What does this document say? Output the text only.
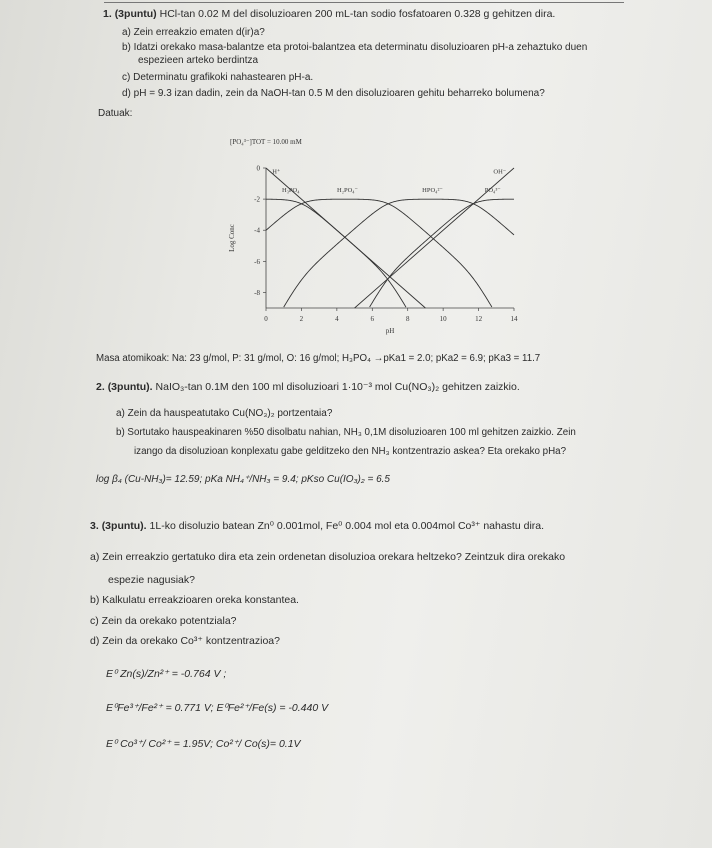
1. (3puntu) HCl-tan 0.02 M del disoluzioaren 200 mL-tan sodio fosfatoaren 0.328 g gehitzen dira.
a) Zein erreakzio ematen d(ir)a?
b) Idatzi orekako masa-balantze eta protoi-balantzea eta determinatu disoluzioaren pH-a zehaztuko duen
espezieen arteko berdintza
c) Determinatu grafikoki nahastearen pH-a.
d) pH = 9.3 izan dadin, zein da NaOH-tan 0.5 M den disoluzioaren gehitu beharreko bolumena?
Datuak:
[PO₄³⁻]TOT = 10.00 mM
0	2	4	6	8	10	12	14
0
-2
-4
-6
-8
H⁺	OH⁻
H₃PO₄	H₂PO₄⁻	HPO₄²⁻	PO₄³⁻
pH
Log Conc
Masa atomikoak: Na: 23 g/mol, P: 31 g/mol, O: 16 g/mol; H₃PO₄ →pKa1 = 2.0; pKa2 = 6.9; pKa3 = 11.7
2. (3puntu). NaIO₃-tan 0.1M den 100 ml disoluzioari 1·10⁻³ mol Cu(NO₃)₂ gehitzen zaizkio.
a) Zein da hauspeatutako Cu(NO₃)₂ portzentaia?
b) Sortutako hauspeakinaren %50 disolbatu nahian, NH₃ 0,1M disoluzioaren 100 ml gehitzen zaizkio. Zein
izango da disoluzioan konplexatu gabe gelditzeko den NH₃ kontzentrazio askea? Eta orekako pHa?
log β₄ (Cu-NH₃)= 12.59; pKa NH₄⁺/NH₃ = 9.4; pKso Cu(IO₃)₂ = 6.5
3. (3puntu). 1L-ko disoluzio batean Zn⁰ 0.001mol, Fe⁰ 0.004 mol eta 0.004mol Co³⁺ nahastu dira.
a) Zein erreakzio gertatuko dira eta zein ordenetan disoluzioa orekara heltzeko? Zeintzuk dira orekako
espezie nagusiak?
b) Kalkulatu erreakzioaren oreka konstantea.
c) Zein da orekako potentziala?
d) Zein da orekako Co³⁺ kontzentrazioa?
E⁰ Zn(s)/Zn²⁺ = -0.764 V ;
E⁰Fe³⁺/Fe²⁺ = 0.771 V; E⁰Fe²⁺/Fe(s) = -0.440 V
E⁰ Co³⁺/ Co²⁺ = 1.95V; Co²⁺/ Co(s)= 0.1V
